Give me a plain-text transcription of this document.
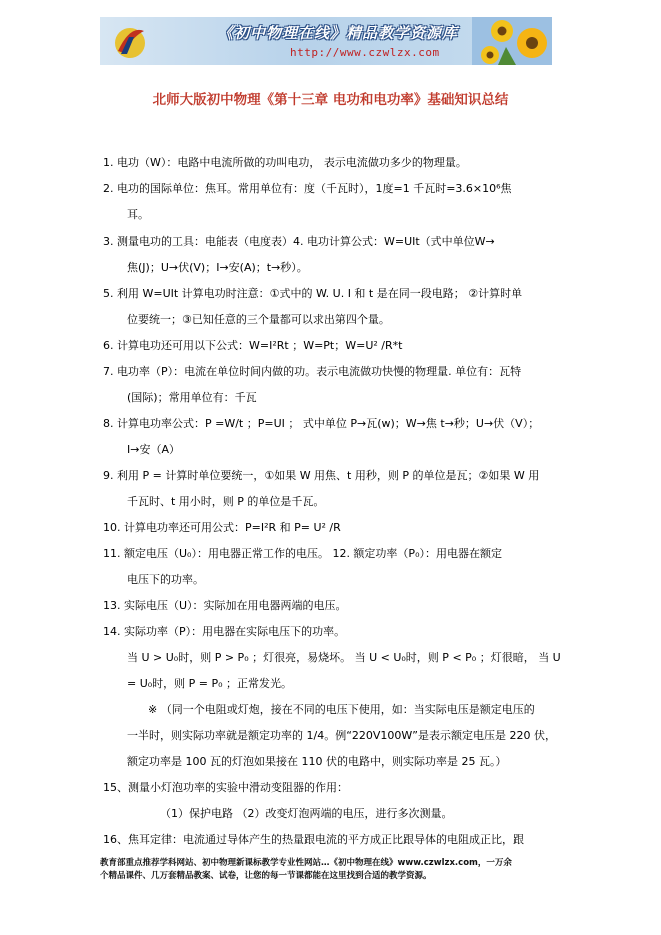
《初中物理在线》精品教学资源库
http://www.czwlzx.com
北师大版初中物理《第十三章 电功和电功率》基础知识总结
1. 电功（W）：电路中电流所做的功叫电功， 表示电流做功多少的物理量。
2. 电功的国际单位：焦耳。常用单位有：度（千瓦时），1度=1 千瓦时=3.6×10⁶焦
耳。
3. 测量电功的工具：电能表（电度表）4. 电功计算公式：W=UIt（式中单位W→
焦(J)；U→伏(V)；I→安(A)；t→秒）。
5. 利用 W=UIt 计算电功时注意：①式中的 W. U. I 和 t 是在同一段电路； ②计算时单
位要统一；③已知任意的三个量都可以求出第四个量。
6. 计算电功还可用以下公式：W=I²Rt ；W=Pt；W=U² /R*t
7. 电功率（P）：电流在单位时间内做的功。表示电流做功快慢的物理量. 单位有：瓦特
(国际)；常用单位有：千瓦
8. 计算电功率公式：P =W/t ；P=UI ； 式中单位 P→瓦(w)；W→焦 t→秒；U→伏（V）；
I→安（A）
9. 利用 P = 计算时单位要统一，①如果 W 用焦、t 用秒，则 P 的单位是瓦；②如果 W 用
千瓦时、t 用小时，则 P 的单位是千瓦。
10. 计算电功率还可用公式：P=I²R 和 P= U² /R
11. 额定电压（U₀）：用电器正常工作的电压。 12. 额定功率（P₀）：用电器在额定
电压下的功率。
13. 实际电压（U）：实际加在用电器两端的电压。
14. 实际功率（P）：用电器在实际电压下的功率。
当 U > U₀时，则 P > P₀ ；灯很亮，易烧坏。 当 U < U₀时，则 P < P₀ ；灯很暗， 当 U
= U₀时，则 P = P₀ ；正常发光。
※ （同一个电阻或灯炮，接在不同的电压下使用，如：当实际电压是额定电压的
一半时，则实际功率就是额定功率的 1/4。例“220V100W”是表示额定电压是 220 伏，
额定功率是 100 瓦的灯泡如果接在 110 伏的电路中，则实际功率是 25 瓦。）
15、测量小灯泡功率的实验中滑动变阻器的作用：
（1）保护电路 （2）改变灯泡两端的电压，进行多次测量。
16、焦耳定律：电流通过导体产生的热量跟电流的平方成正比跟导体的电阻成正比，跟
教育部重点推荐学科网站、初中物理新课标教学专业性网站…《初中物理在线》www.czwlzx.com，一万余
个精品课件、几万套精品教案、试卷，让您的每一节课都能在这里找到合适的教学资源。
